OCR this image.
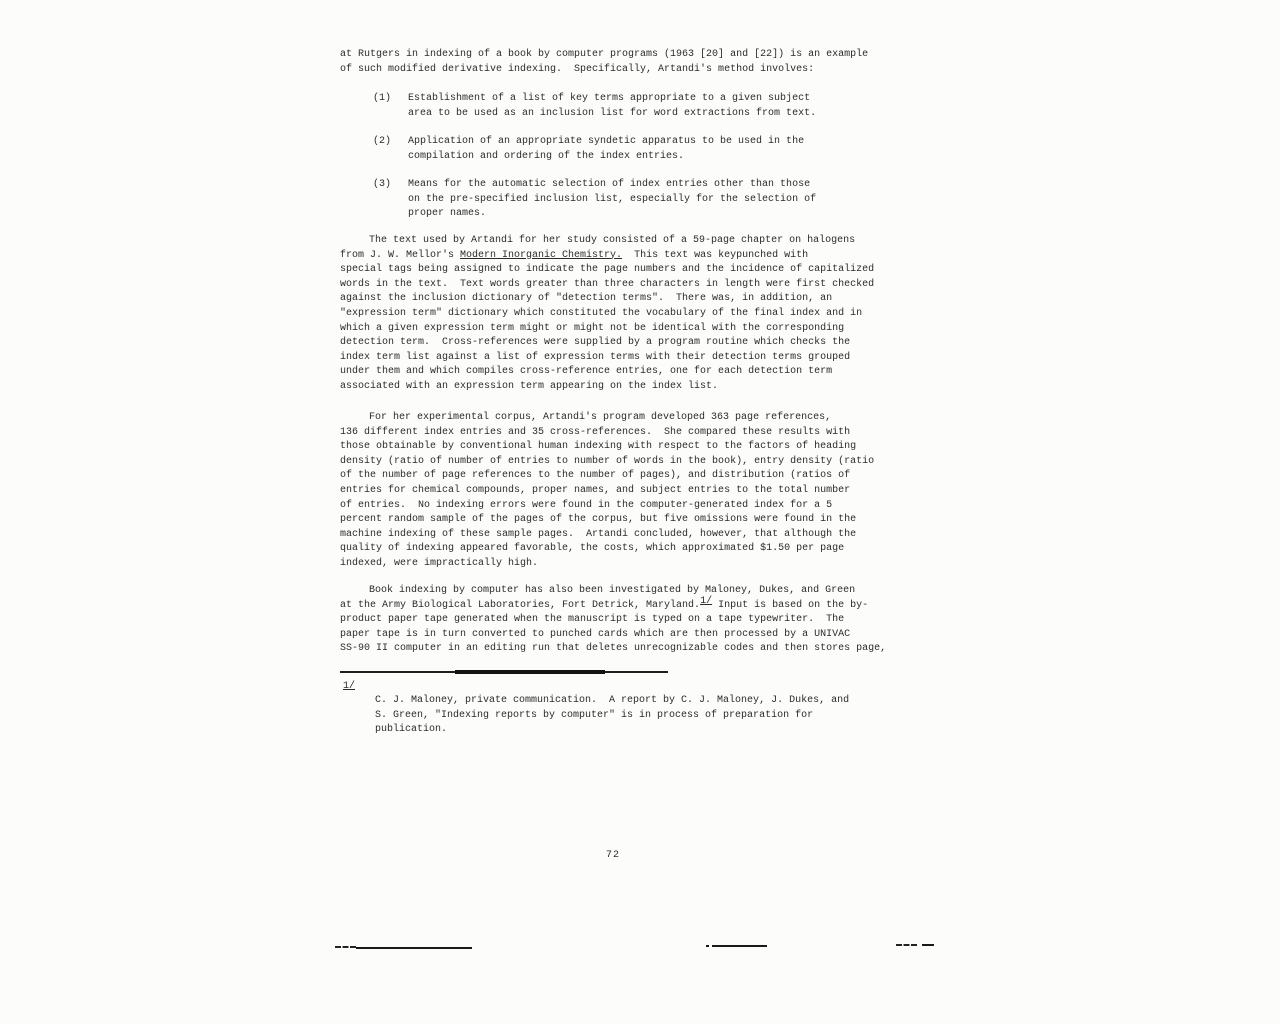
at Rutgers in indexing of a book by computer programs (1963 [20] and [22]) is an example
of such modified derivative indexing.  Specifically, Artandi's method involves:
(1)	Establishment of a list of key terms appropriate to a given subject
area to be used as an inclusion list for word extractions from text.
(2)	Application of an appropriate syndetic apparatus to be used in the
compilation and ordering of the index entries.
(3)	Means for the automatic selection of index entries other than those
on the pre-specified inclusion list, especially for the selection of
proper names.
The text used by Artandi for her study consisted of a 59-page chapter on halogens
from J. W. Mellor's Modern Inorganic Chemistry.  This text was keypunched with
special tags being assigned to indicate the page numbers and the incidence of capitalized
words in the text.  Text words greater than three characters in length were first checked
against the inclusion dictionary of "detection terms".  There was, in addition, an
"expression term" dictionary which constituted the vocabulary of the final index and in
which a given expression term might or might not be identical with the corresponding
detection term.  Cross-references were supplied by a program routine which checks the
index term list against a list of expression terms with their detection terms grouped
under them and which compiles cross-reference entries, one for each detection term
associated with an expression term appearing on the index list.
For her experimental corpus, Artandi's program developed 363 page references,
136 different index entries and 35 cross-references.  She compared these results with
those obtainable by conventional human indexing with respect to the factors of heading
density (ratio of number of entries to number of words in the book), entry density (ratio
of the number of page references to the number of pages), and distribution (ratios of
entries for chemical compounds, proper names, and subject entries to the total number
of entries.  No indexing errors were found in the computer-generated index for a 5
percent random sample of the pages of the corpus, but five omissions were found in the
machine indexing of these sample pages.  Artandi concluded, however, that although the
quality of indexing appeared favorable, the costs, which approximated $1.50 per page
indexed, were impractically high.
Book indexing by computer has also been investigated by Maloney, Dukes, and Green
at the Army Biological Laboratories, Fort Detrick, Maryland.1/ Input is based on the by-
product paper tape generated when the manuscript is typed on a tape typewriter.  The
paper tape is in turn converted to punched cards which are then processed by a UNIVAC
SS-90 II computer in an editing run that deletes unrecognizable codes and then stores page,
1/
C. J. Maloney, private communication.  A report by C. J. Maloney, J. Dukes, and
S. Green, "Indexing reports by computer" is in process of preparation for
publication.
72
